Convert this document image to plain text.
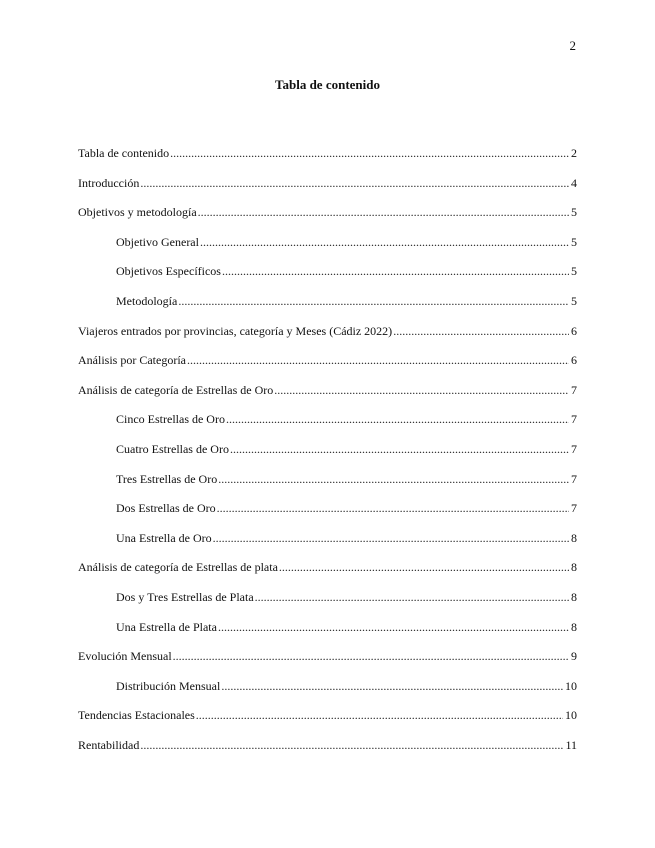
2
Tabla de contenido
Tabla de contenido .....	2
Introducción .....	4
Objetivos y metodología .....	5
Objetivo General .....	5
Objetivos Específicos .....	5
Metodología .....	5
Viajeros entrados por provincias, categoría y Meses (Cádiz 2022) .....	6
Análisis por Categoría .....	6
Análisis de categoría de Estrellas de Oro .....	7
Cinco Estrellas de Oro .....	7
Cuatro Estrellas de Oro .....	7
Tres Estrellas de Oro .....	7
Dos Estrellas de Oro .....	7
Una Estrella de Oro .....	8
Análisis de categoría de Estrellas de plata .....	8
Dos y Tres Estrellas de Plata .....	8
Una Estrella de Plata .....	8
Evolución Mensual .....	9
Distribución Mensual .....	10
Tendencias Estacionales .....	10
Rentabilidad .....	11
